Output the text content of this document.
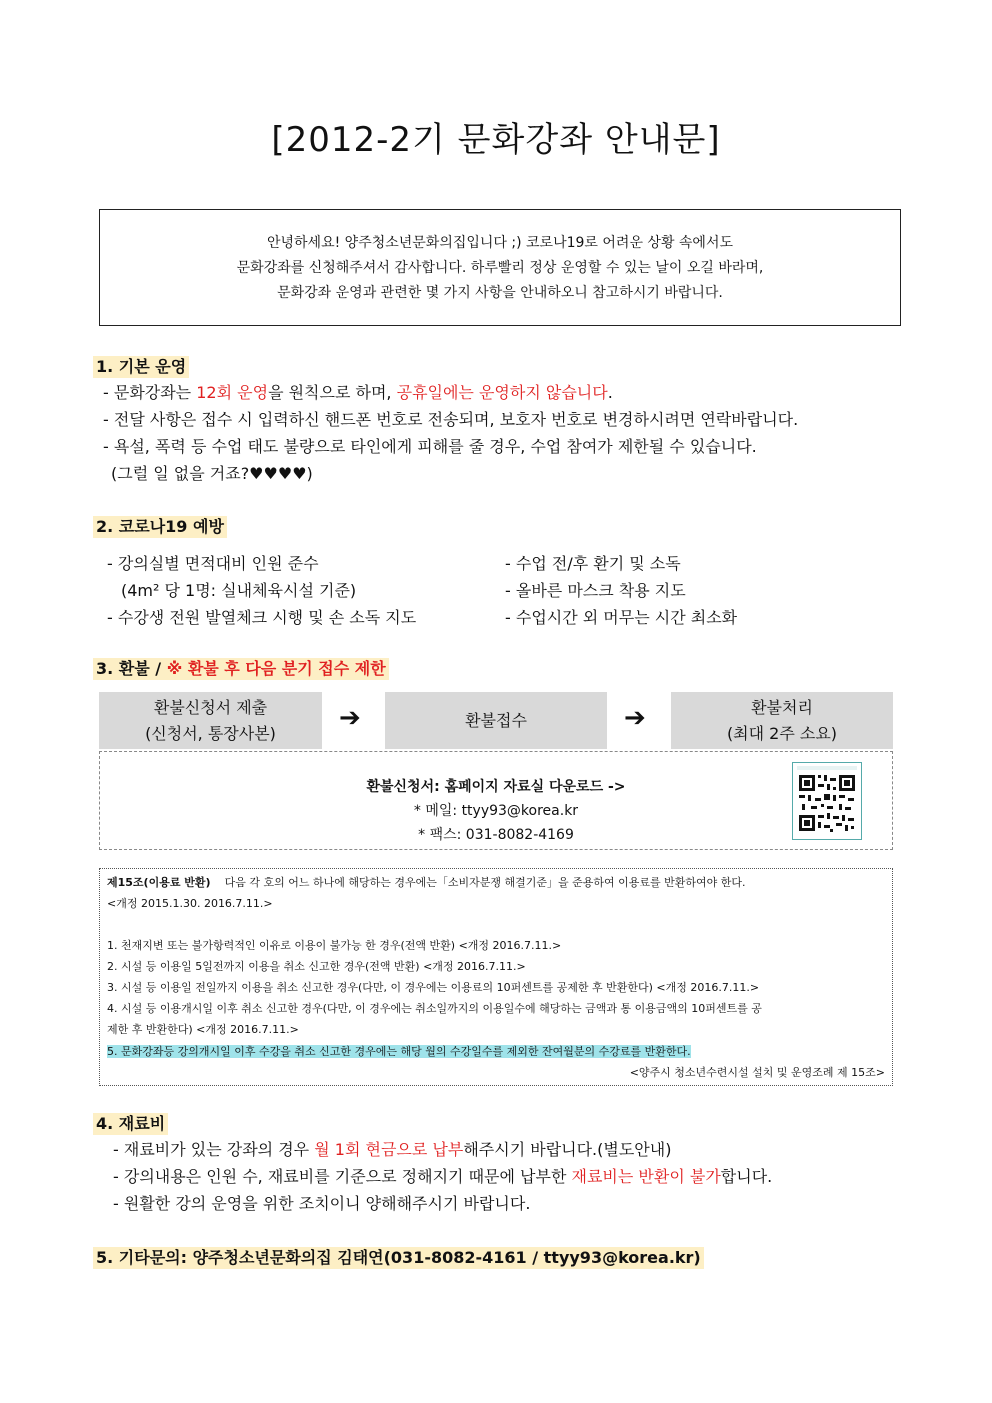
[2012-2기 문화강좌 안내문]
안녕하세요! 양주청소년문화의집입니다 ;) 코로나19로 어려운 상황 속에서도
문화강좌를 신청해주셔서 감사합니다. 하루빨리 정상 운영할 수 있는 날이 오길 바라며,
문화강좌 운영과 관련한 몇 가지 사항을 안내하오니 참고하시기 바랍니다.
1. 기본 운영
- 문화강좌는 12회 운영을 원칙으로 하며, 공휴일에는 운영하지 않습니다.
- 전달 사항은 접수 시 입력하신 핸드폰 번호로 전송되며, 보호자 번호로 변경하시려면 연락바랍니다.
- 욕설, 폭력 등 수업 태도 불량으로 타인에게 피해를 줄 경우, 수업 참여가 제한될 수 있습니다.
(그럴 일 없을 거죠?♥♥♥♥)
2. 코로나19 예방
- 강의실별 면적대비 인원 준수
(4m² 당 1명: 실내체육시설 기준)
- 수강생 전원 발열체크 시행 및 손 소독 지도
- 수업 전/후 환기 및 소독
- 올바른 마스크 착용 지도
- 수업시간 외 머무는 시간 최소화
3. 환불 / ※ 환불 후 다음 분기 접수 제한
환불신청서 제출
(신청서, 통장사본)	➔	환불접수	➔	환불처리
(최대 2주 소요)
환불신청서: 홈페이지 자료실 다운로드 ->
* 메일: ttyy93@korea.kr
* 팩스: 031-8082-4169
제15조(이용료 반환) 다음 각 호의 어느 하나에 해당하는 경우에는「소비자분쟁 해결기준」을 준용하여 이용료를 반환하여야 한다.
<개정 2015.1.30. 2016.7.11.>
1. 천재지변 또는 불가항력적인 이유로 이용이 불가능 한 경우(전액 반환) <개정 2016.7.11.>
2. 시설 등 이용일 5일전까지 이용을 취소 신고한 경우(전액 반환) <개정 2016.7.11.>
3. 시설 등 이용일 전일까지 이용을 취소 신고한 경우(다만, 이 경우에는 이용료의 10퍼센트를 공제한 후 반환한다) <개정 2016.7.11.>
4. 시설 등 이용개시일 이후 취소 신고한 경우(다만, 이 경우에는 취소일까지의 이용일수에 해당하는 금액과 통 이용금액의 10퍼센트를 공
제한 후 반환한다) <개정 2016.7.11.>
5. 문화강좌등 강의개시일 이후 수강을 취소 신고한 경우에는 해당 월의 수강일수를 제외한 잔여월분의 수강료를 반환한다.
<양주시 청소년수련시설 설치 및 운영조례 제 15조>
4. 재료비
- 재료비가 있는 강좌의 경우 월 1회 현금으로 납부해주시기 바랍니다.(별도안내)
- 강의내용은 인원 수, 재료비를 기준으로 정해지기 때문에 납부한 재료비는 반환이 불가합니다.
- 원활한 강의 운영을 위한 조치이니 양해해주시기 바랍니다.
5. 기타문의: 양주청소년문화의집 김태연(031-8082-4161 / ttyy93@korea.kr)
